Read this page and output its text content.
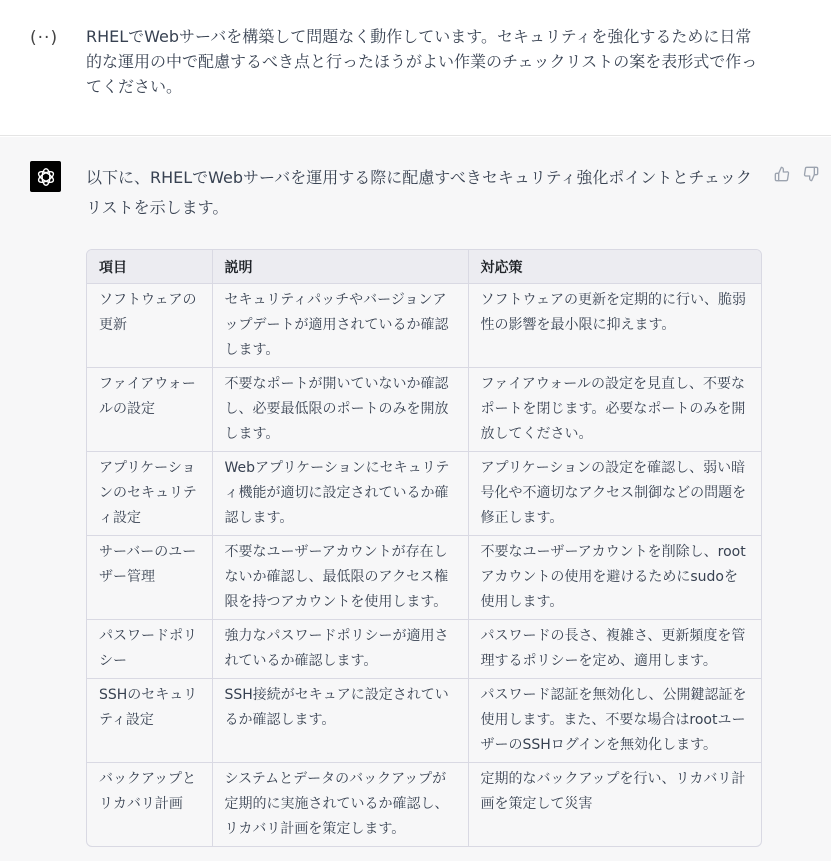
(··) RHELでWebサーバを構築して問題なく動作しています。セキュリティを強化するために日常的な運用の中で配慮するべき点と行ったほうがよい作業のチェックリストの案を表形式で作ってください。
以下に、RHELでWebサーバを運用する際に配慮すべきセキュリティ強化ポイントとチェックリストを示します。
項目	説明	対応策
ソフトウェアの更新	セキュリティパッチやバージョンアップデートが適用されているか確認します。	ソフトウェアの更新を定期的に行い、脆弱性の影響を最小限に抑えます。
ファイアウォールの設定	不要なポートが開いていないか確認し、必要最低限のポートのみを開放します。	ファイアウォールの設定を見直し、不要なポートを閉じます。必要なポートのみを開放してください。
アプリケーションのセキュリティ設定	Webアプリケーションにセキュリティ機能が適切に設定されているか確認します。	アプリケーションの設定を確認し、弱い暗号化や不適切なアクセス制御などの問題を修正します。
サーバーのユーザー管理	不要なユーザーアカウントが存在しないか確認し、最低限のアクセス権限を持つアカウントを使用します。	不要なユーザーアカウントを削除し、rootアカウントの使用を避けるためにsudoを使用します。
パスワードポリシー	強力なパスワードポリシーが適用されているか確認します。	パスワードの長さ、複雑さ、更新頻度を管理するポリシーを定め、適用します。
SSHのセキュリティ設定	SSH接続がセキュアに設定されているか確認します。	パスワード認証を無効化し、公開鍵認証を使用します。また、不要な場合はrootユーザーのSSHログインを無効化します。
バックアップとリカバリ計画	システムとデータのバックアップが定期的に実施されているか確認し、リカバリ計画を策定します。	定期的なバックアップを行い、リカバリ計画を策定して災害
